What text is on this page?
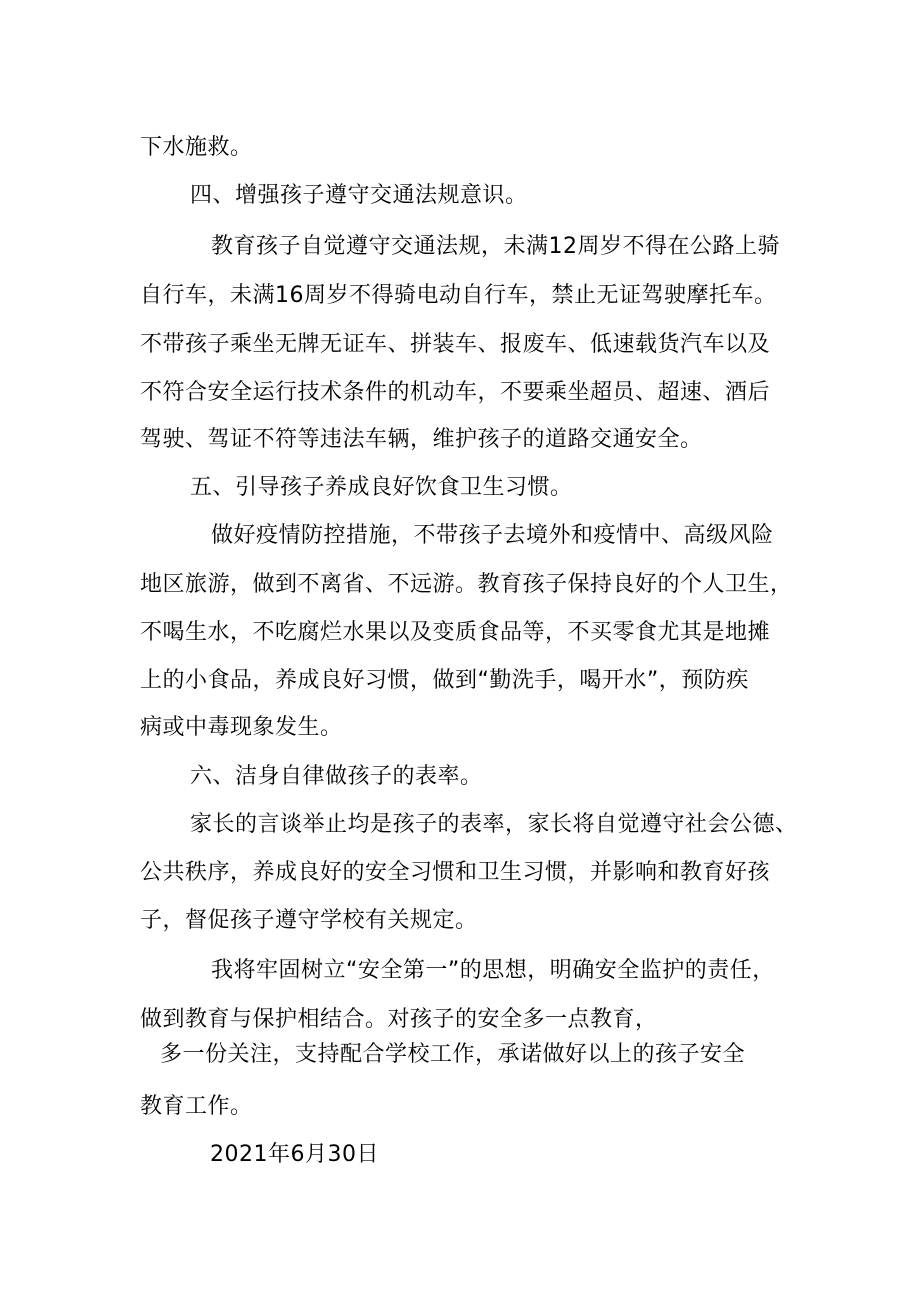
下水施救。
四、增强孩子遵守交通法规意识。
教育孩子自觉遵守交通法规，未满12周岁不得在公路上骑
自行车，未满16周岁不得骑电动自行车，禁止无证驾驶摩托车。
不带孩子乘坐无牌无证车、拼装车、报废车、低速载货汽车以及
不符合安全运行技术条件的机动车，不要乘坐超员、超速、酒后
驾驶、驾证不符等违法车辆，维护孩子的道路交通安全。
五、引导孩子养成良好饮食卫生习惯。
做好疫情防控措施，不带孩子去境外和疫情中、高级风险
地区旅游，做到不离省、不远游。教育孩子保持良好的个人卫生，
不喝生水，不吃腐烂水果以及变质食品等，不买零食尤其是地摊
上的小食品，养成良好习惯，做到“勤洗手，喝开水”，预防疾
病或中毒现象发生。
六、洁身自律做孩子的表率。
家长的言谈举止均是孩子的表率，家长将自觉遵守社会公德、
公共秩序，养成良好的安全习惯和卫生习惯，并影响和教育好孩
子，督促孩子遵守学校有关规定。
我将牢固树立“安全第一”的思想，明确安全监护的责任，
做到教育与保护相结合。对孩子的安全多一点教育，
多一份关注，支持配合学校工作，承诺做好以上的孩子安全
教育工作。
2021年6月30日
